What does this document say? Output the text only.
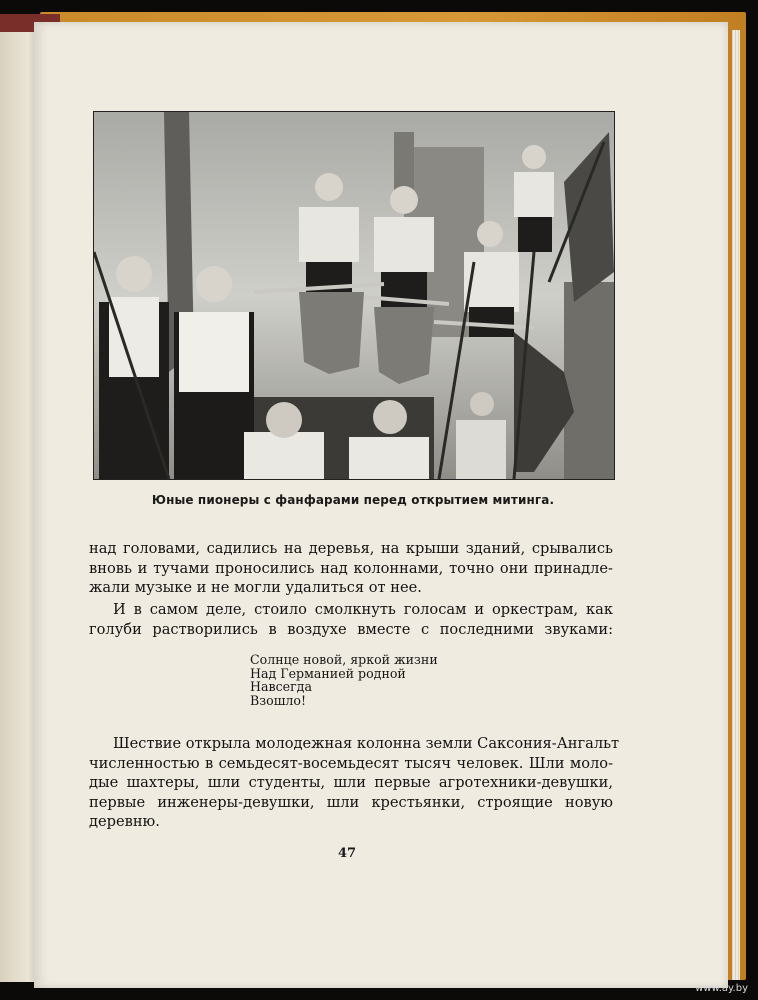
Юные пионеры с фанфарами перед открытием митинга.
над головами, садились на деревья, на крыши зданий, срывались
вновь и тучами проносились над колоннами, точно они принадле-
жали музыке и не могли удалиться от нее.
И в самом деле, стоило смолкнуть голосам и оркестрам, как
голуби растворились в воздухе вместе с последними звуками:
Солнце новой, яркой жизни
Над Германией родной
Навсегда
Взошло!
Шествие открыла молодежная колонна земли Саксония-Ангальт
численностью в семьдесят-восемьдесят тысяч человек. Шли моло-
дые шахтеры, шли студенты, шли первые агротехники-девушки,
первые инженеры-девушки, шли крестьянки, строящие новую
деревню.
47
www.ay.by
